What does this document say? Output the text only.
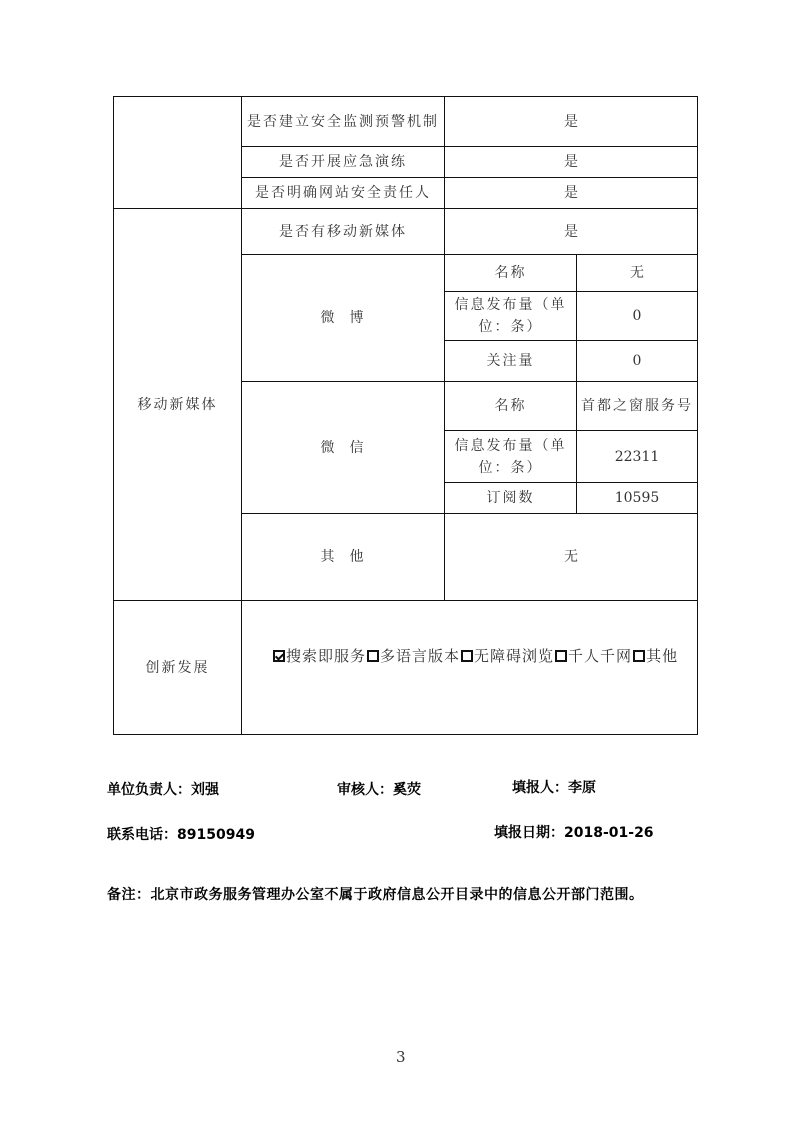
	是否建立安全监测预警机制	是	
	是否开展应急演练	是	
	是否明确网站安全责任人	是	
移动新媒体	是否有移动新媒体	是	
	微  博	名称	无
		信息发布量（单位：条）	0
		关注量	0
	微  信	名称	首都之窗服务号
		信息发布量（单位：条）	22311
		订阅数	10595
	其  他	无	
创新发展	搜索即服务 多语言版本 无障碍浏览 千人千网 其他		
单位负责人：刘强	审核人：奚荧	填报人：李原
联系电话：89150949	填报日期：2018-01-26
备注：北京市政务服务管理办公室不属于政府信息公开目录中的信息公开部门范围。
3
